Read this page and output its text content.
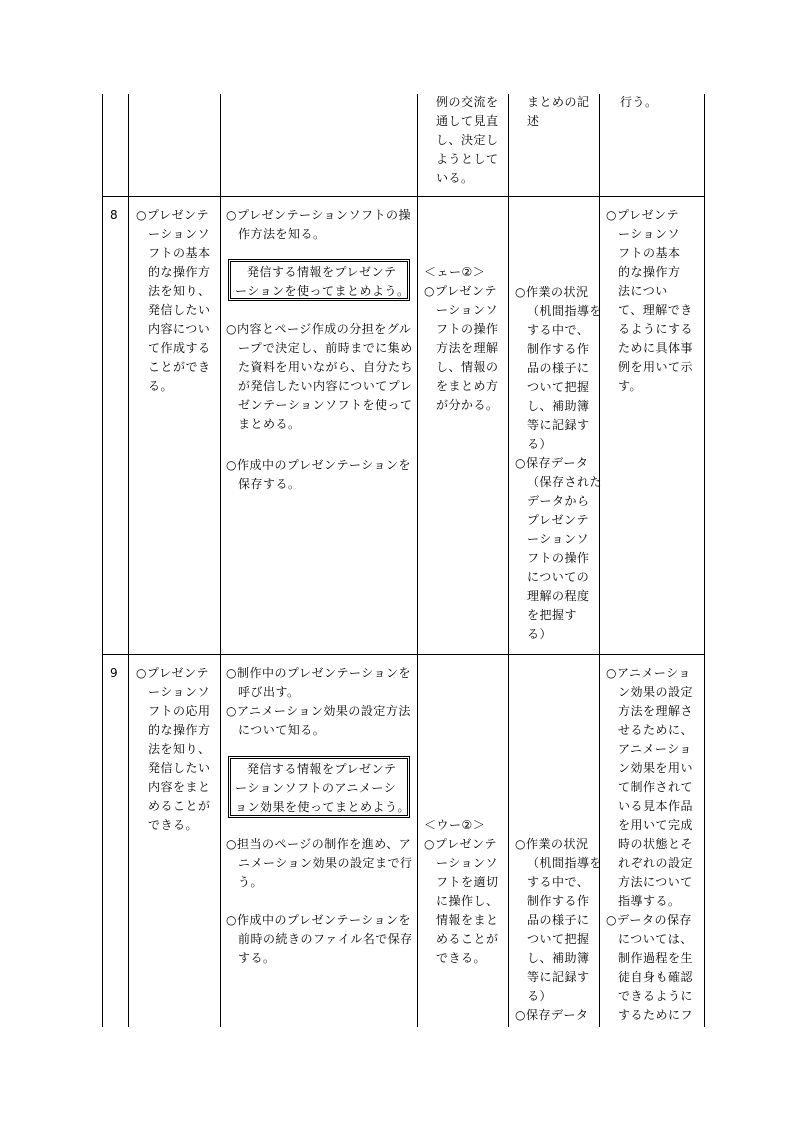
例の交流を

通して見直

し、決定し

ようとして

いる。

まとめの記

述

行う。

8 ○プレゼンテ

ーションソ

フトの基本

的な操作方

法を知り、

発信したい

内容につい

て作成する

ことができ

る。

○プレゼンテーションソフトの操

作方法を知る。

発信する情報をプレゼンテ

ーションを使ってまとめよう。

○内容とページ作成の分担をグル

ープで決定し、前時までに集め

た資料を用いながら、自分たち

が発信したい内容についてプレ

ゼンテーションソフトを使って

まとめる。

○作成中のプレゼンテーションを

保存する。

＜ェー②＞

○プレゼンテ

ーションソ

フトの操作

方法を理解

し、情報の

をまとめ方

が分かる。

○作業の状況

（机間指導を

する中で、

制作する作

品の様子に

ついて把握

し、補助簿

等に記録す

る）

○保存データ

（保存された

データから

プレゼンテ

ーションソ

フトの操作

についての

理解の程度

を把握す

る）

○プレゼンテ

ーションソ

フトの基本

的な操作方

法につい

て、理解でき

るようにする

ために具体事

例を用いて示

す。

9 ○プレゼンテ

ーションソ

フトの応用

的な操作方

法を知り、

発信したい

内容をまと

めることが

できる。

○制作中のプレゼンテーションを

呼び出す。

○アニメーション効果の設定方法

について知る。

発信する情報をプレゼンテ

ーションソフトのアニメーシ

ョン効果を使ってまとめよう。

○担当のページの制作を進め、ア

ニメーション効果の設定まで行

う。

○作成中のプレゼンテーションを

前時の続きのファイル名で保存

する。

＜ウー②＞

○プレゼンテ

ーションソ

フトを適切

に操作し、

情報をまと

めることが

できる。

○作業の状況

（机間指導を

する中で、

制作する作

品の様子に

ついて把握

し、補助簿

等に記録す

る）

○保存データ

○アニメーショ

ン効果の設定

方法を理解さ

せるために、

アニメーショ

ン効果を用い

て制作されて

いる見本作品

を用いて完成

時の状態とそ

れぞれの設定

方法について

指導する。

○データの保存

については、

制作過程を生

徒自身も確認

できるように

するためにフ
